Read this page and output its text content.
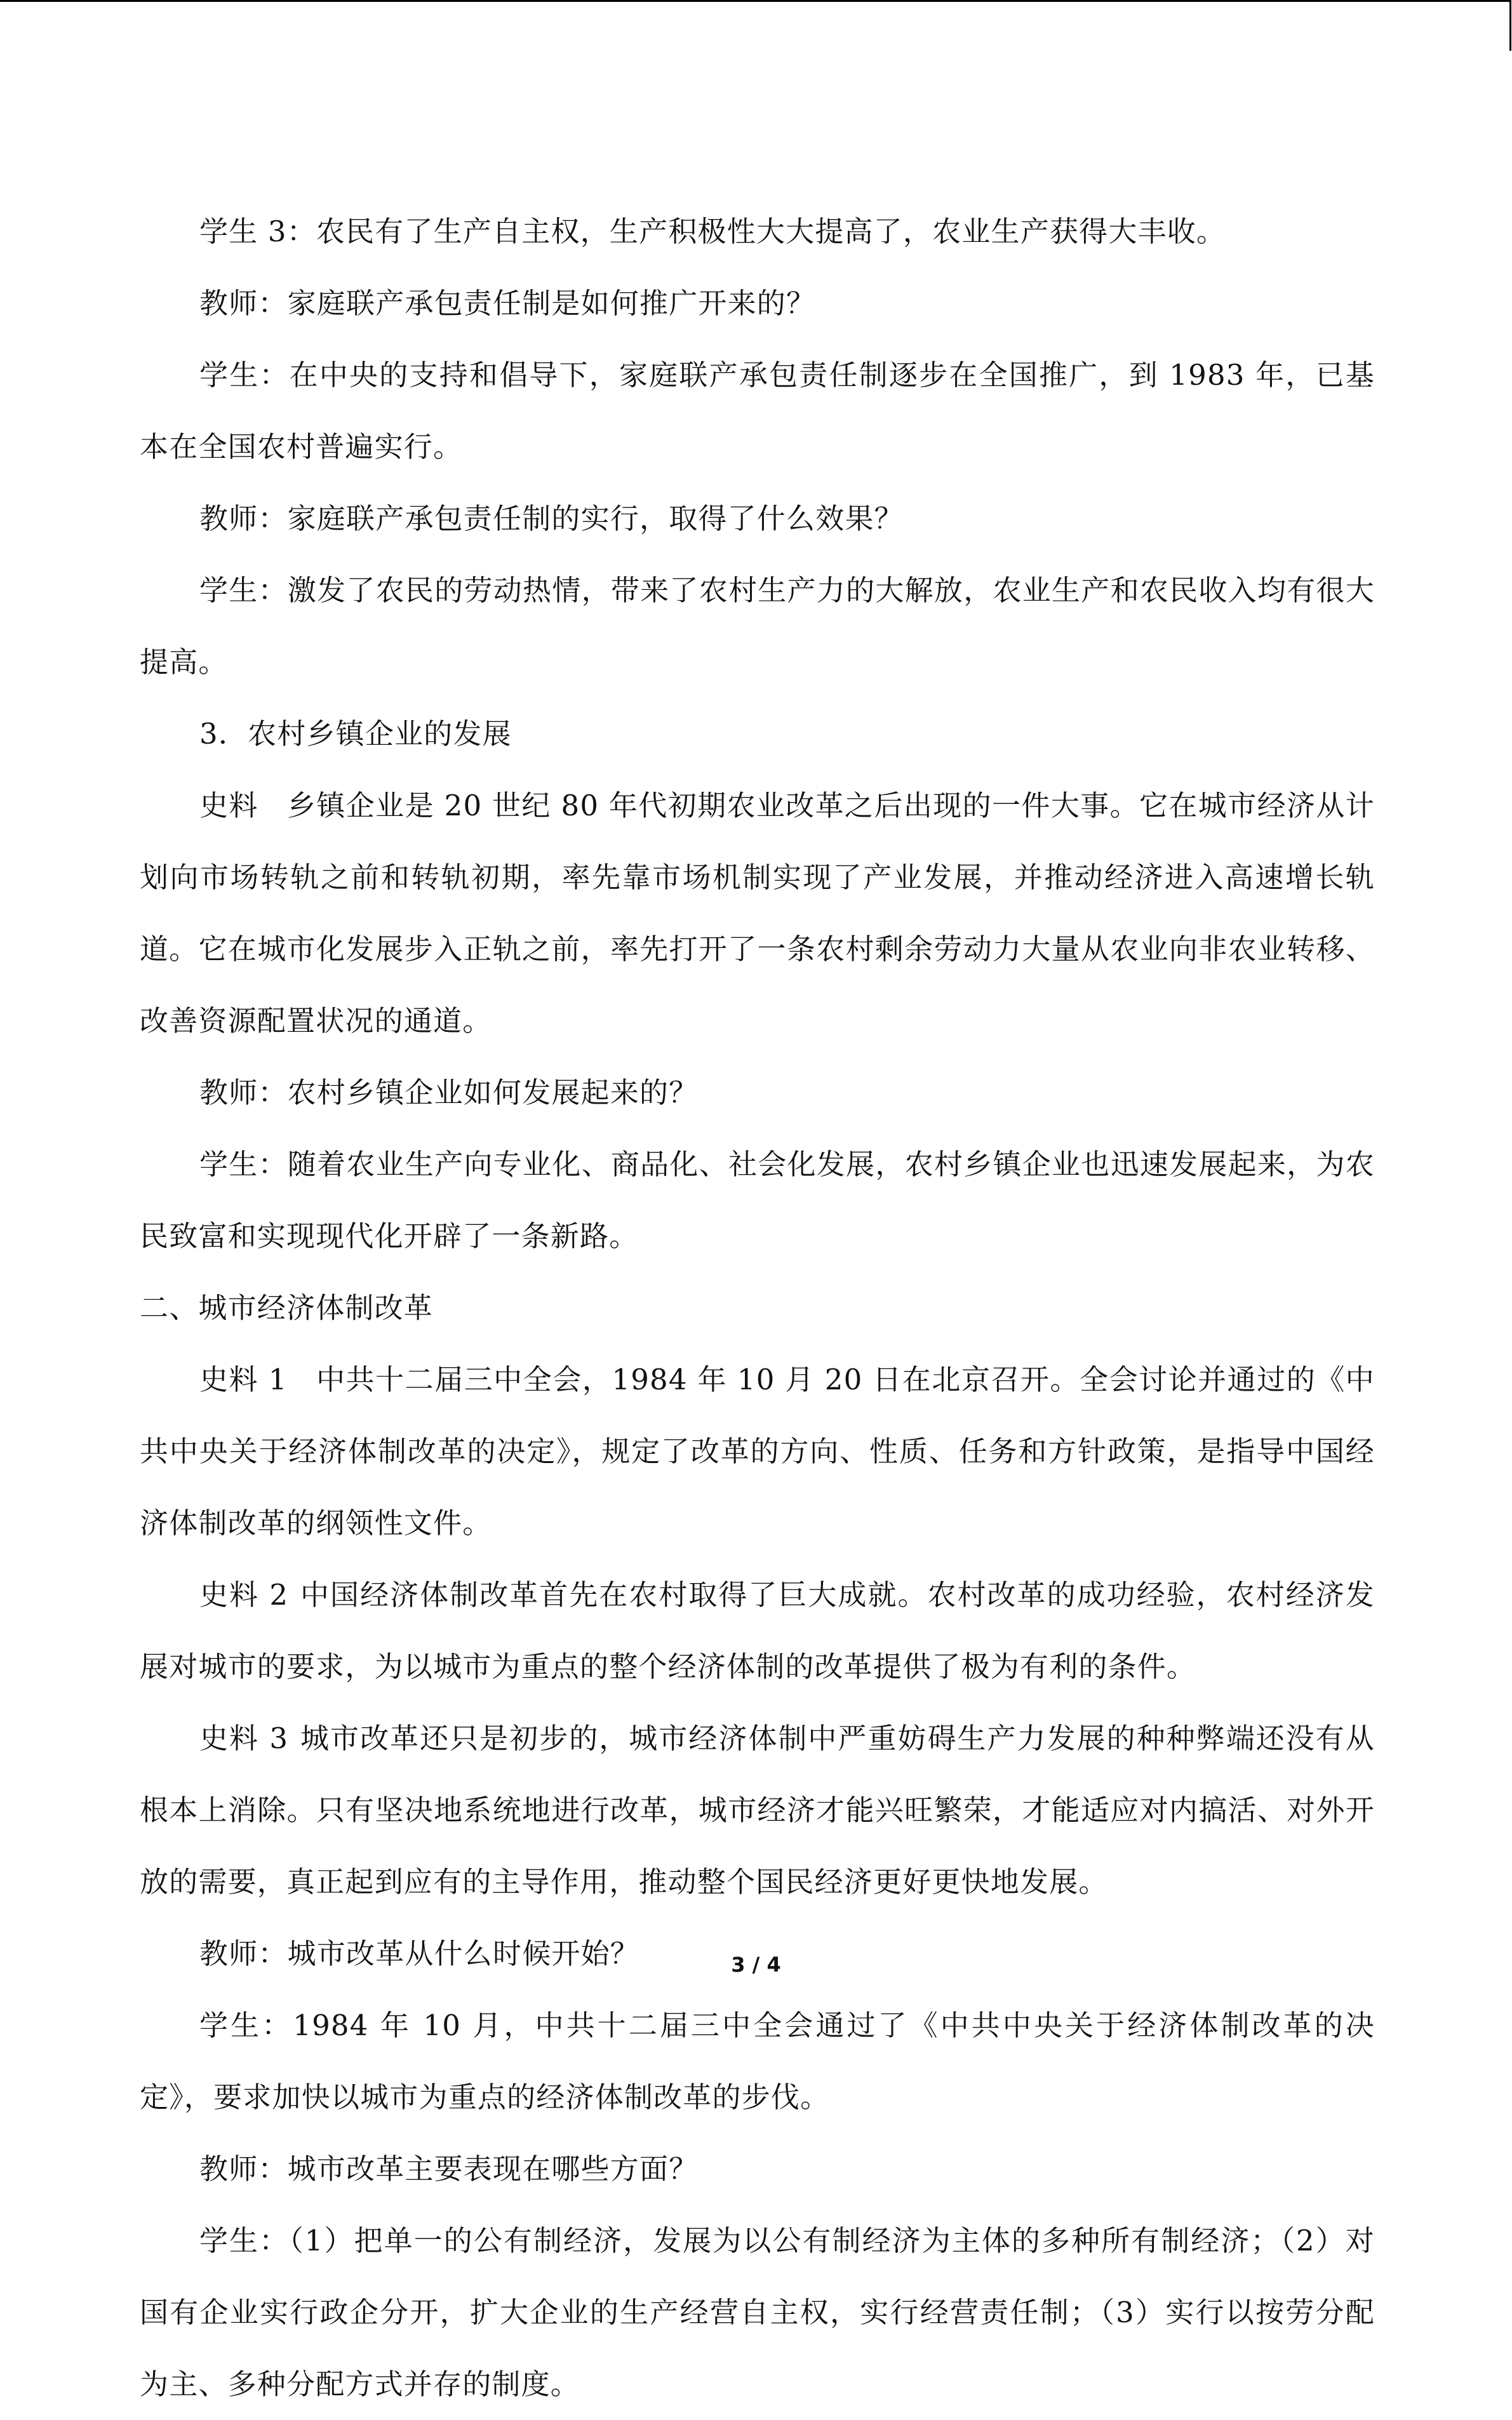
学生 3：农民有了生产自主权，生产积极性大大提高了，农业生产获得大丰收。

教师：家庭联产承包责任制是如何推广开来的？

学生：在中央的支持和倡导下，家庭联产承包责任制逐步在全国推广，到 1983 年，已基本在全国农村普遍实行。

教师：家庭联产承包责任制的实行，取得了什么效果？

学生：激发了农民的劳动热情，带来了农村生产力的大解放，农业生产和农民收入均有很大提高。

3．农村乡镇企业的发展

史料 乡镇企业是 20 世纪 80 年代初期农业改革之后出现的一件大事。它在城市经济从计划向市场转轨之前和转轨初期，率先靠市场机制实现了产业发展，并推动经济进入高速增长轨道。它在城市化发展步入正轨之前，率先打开了一条农村剩余劳动力大量从农业向非农业转移、改善资源配置状况的通道。

教师：农村乡镇企业如何发展起来的？

学生：随着农业生产向专业化、商品化、社会化发展，农村乡镇企业也迅速发展起来，为农民致富和实现现代化开辟了一条新路。

二、城市经济体制改革

史料 1 中共十二届三中全会，1984 年 10 月 20 日在北京召开。全会讨论并通过的《中共中央关于经济体制改革的决定》，规定了改革的方向、性质、任务和方针政策，是指导中国经济体制改革的纲领性文件。

史料 2 中国经济体制改革首先在农村取得了巨大成就。农村改革的成功经验，农村经济发展对城市的要求，为以城市为重点的整个经济体制的改革提供了极为有利的条件。

史料 3 城市改革还只是初步的，城市经济体制中严重妨碍生产力发展的种种弊端还没有从根本上消除。只有坚决地系统地进行改革，城市经济才能兴旺繁荣，才能适应对内搞活、对外开放的需要，真正起到应有的主导作用，推动整个国民经济更好更快地发展。

教师：城市改革从什么时候开始？

学生：1984 年 10 月，中共十二届三中全会通过了《中共中央关于经济体制改革的决定》，要求加快以城市为重点的经济体制改革的步伐。

教师：城市改革主要表现在哪些方面？

学生：（1）把单一的公有制经济，发展为以公有制经济为主体的多种所有制经济；（2）对国有企业实行政企分开，扩大企业的生产经营自主权，实行经营责任制；（3）实行以按劳分配为主、多种分配方式并存的制度。

3 / 4
